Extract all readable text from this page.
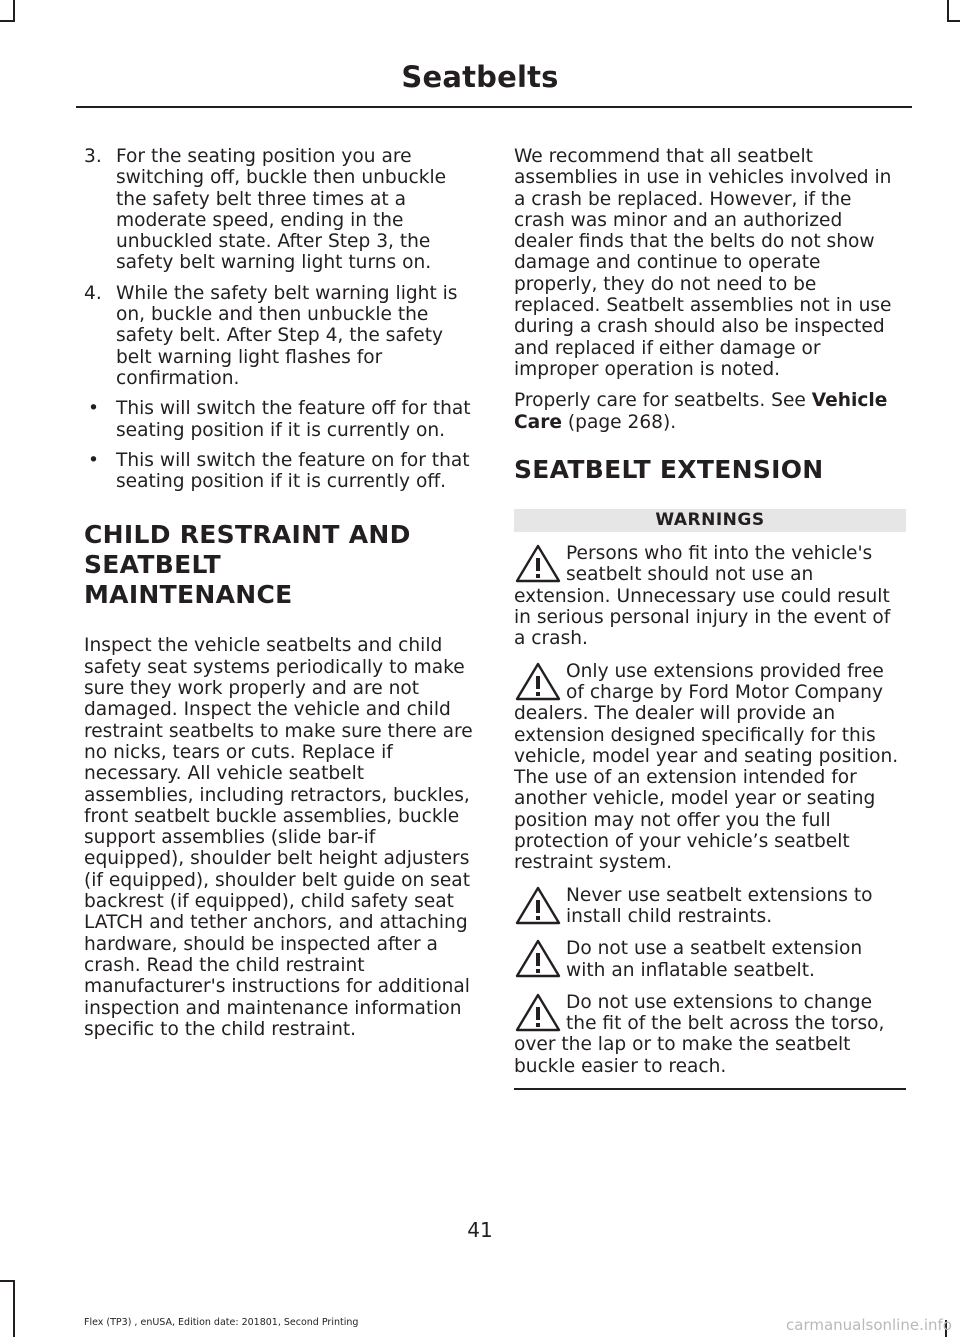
Seatbelts
3. For the seating position you are switching off, buckle then unbuckle the safety belt three times at a moderate speed, ending in the unbuckled state. After Step 3, the safety belt warning light turns on.
4. While the safety belt warning light is on, buckle and then unbuckle the safety belt. After Step 4, the safety belt warning light flashes for confirmation.
• This will switch the feature off for that seating position if it is currently on.
• This will switch the feature on for that seating position if it is currently off.
CHILD RESTRAINT AND SEATBELT MAINTENANCE

Inspect the vehicle seatbelts and child safety seat systems periodically to make sure they work properly and are not damaged. Inspect the vehicle and child restraint seatbelts to make sure there are no nicks, tears or cuts. Replace if necessary. All vehicle seatbelt assemblies, including retractors, buckles, front seatbelt buckle assemblies, buckle support assemblies (slide bar-if equipped), shoulder belt height adjusters (if equipped), shoulder belt guide on seat backrest (if equipped), child safety seat LATCH and tether anchors, and attaching hardware, should be inspected after a crash. Read the child restraint manufacturer's instructions for additional inspection and maintenance information specific to the child restraint.

We recommend that all seatbelt assemblies in use in vehicles involved in a crash be replaced. However, if the crash was minor and an authorized dealer finds that the belts do not show damage and continue to operate properly, they do not need to be replaced. Seatbelt assemblies not in use during a crash should also be inspected and replaced if either damage or improper operation is noted.

Properly care for seatbelts. See Vehicle Care (page 268).

SEATBELT EXTENSION
WARNINGS
Persons who fit into the vehicle's seatbelt should not use an extension. Unnecessary use could result in serious personal injury in the event of a crash.
Only use extensions provided free of charge by Ford Motor Company dealers. The dealer will provide an extension designed specifically for this vehicle, model year and seating position. The use of an extension intended for another vehicle, model year or seating position may not offer you the full protection of your vehicle’s seatbelt restraint system.
Never use seatbelt extensions to install child restraints.
Do not use a seatbelt extension with an inflatable seatbelt.
Do not use extensions to change the fit of the belt across the torso, over the lap or to make the seatbelt buckle easier to reach.
41
Flex (TP3) , enUSA, Edition date: 201801, Second Printing	carmanualsonline.info
